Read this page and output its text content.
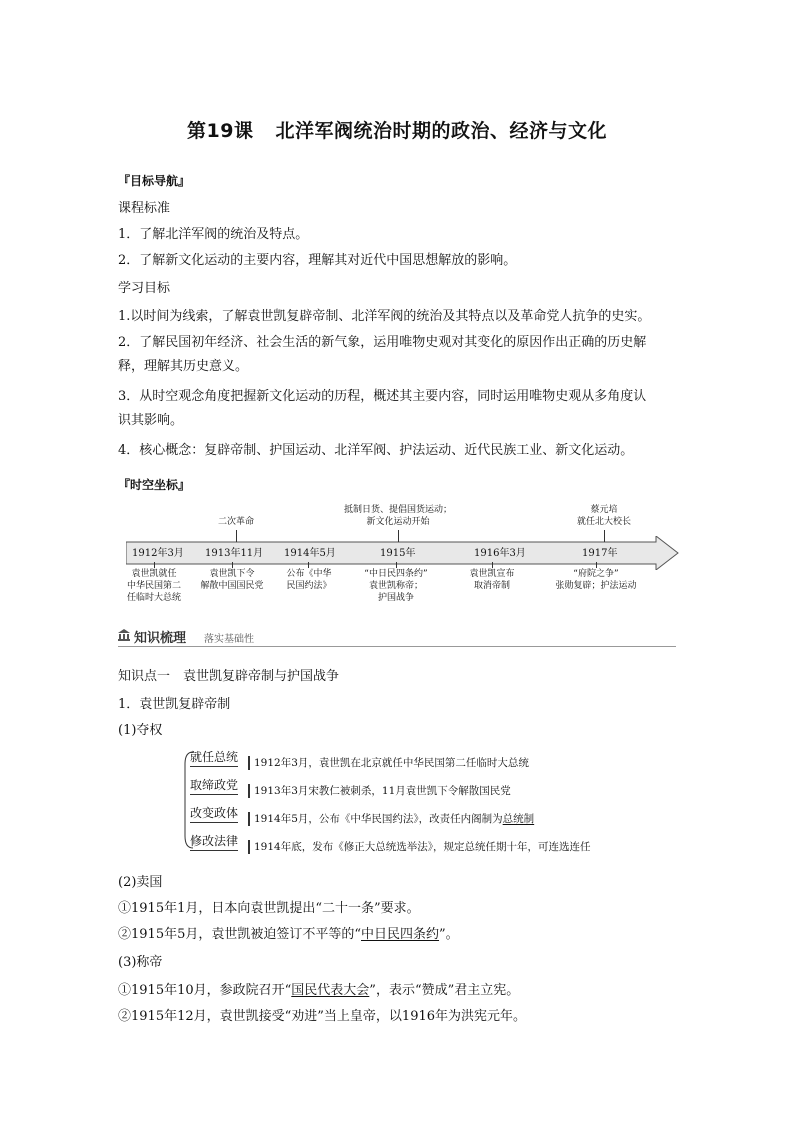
第19课 北洋军阀统治时期的政治、经济与文化
『目标导航』
课程标准
1．了解北洋军阀的统治及特点。
2．了解新文化运动的主要内容，理解其对近代中国思想解放的影响。
学习目标
1.以时间为线索，了解袁世凯复辟帝制、北洋军阀的统治及其特点以及革命党人抗争的史实。
2．了解民国初年经济、社会生活的新气象，运用唯物史观对其变化的原因作出正确的历史解
释，理解其历史意义。
3．从时空观念角度把握新文化运动的历程，概述其主要内容，同时运用唯物史观从多角度认
识其影响。
4．核心概念：复辟帝制、护国运动、北洋军阀、护法运动、近代民族工业、新文化运动。
『时空坐标』
1912年3月 1913年11月 1914年5月	1915年	1916年3月	1917年
二次革命
抵制日货、提倡国货运动；
新文化运动开始
蔡元培
就任北大校长
袁世凯就任
中华民国第二
任临时大总统
袁世凯下令
解散中国国民党
公布《中华
民国约法》
“中日民四条约”
袁世凯称帝；
护国战争
袁世凯宣布
取消帝制
“府院之争”
张勋复辟；护法运动
知识梳理 落实基础性
知识点一　袁世凯复辟帝制与护国战争
1．袁世凯复辟帝制
(1)夺权
就任总统	1912年3月，袁世凯在北京就任中华民国第二任临时大总统
取缔政党	1913年3月宋教仁被刺杀，11月袁世凯下令解散国民党
改变政体	1914年5月，公布《中华民国约法》，改责任内阁制为总统制
修改法律	1914年底，发布《修正大总统选举法》，规定总统任期十年，可连选连任
(2)卖国
①1915年1月，日本向袁世凯提出“二十一条”要求。
②1915年5月，袁世凯被迫签订不平等的“中日民四条约”。
(3)称帝
①1915年10月，参政院召开“国民代表大会”，表示“赞成”君主立宪。
②1915年12月，袁世凯接受“劝进”当上皇帝，以1916年为洪宪元年。
